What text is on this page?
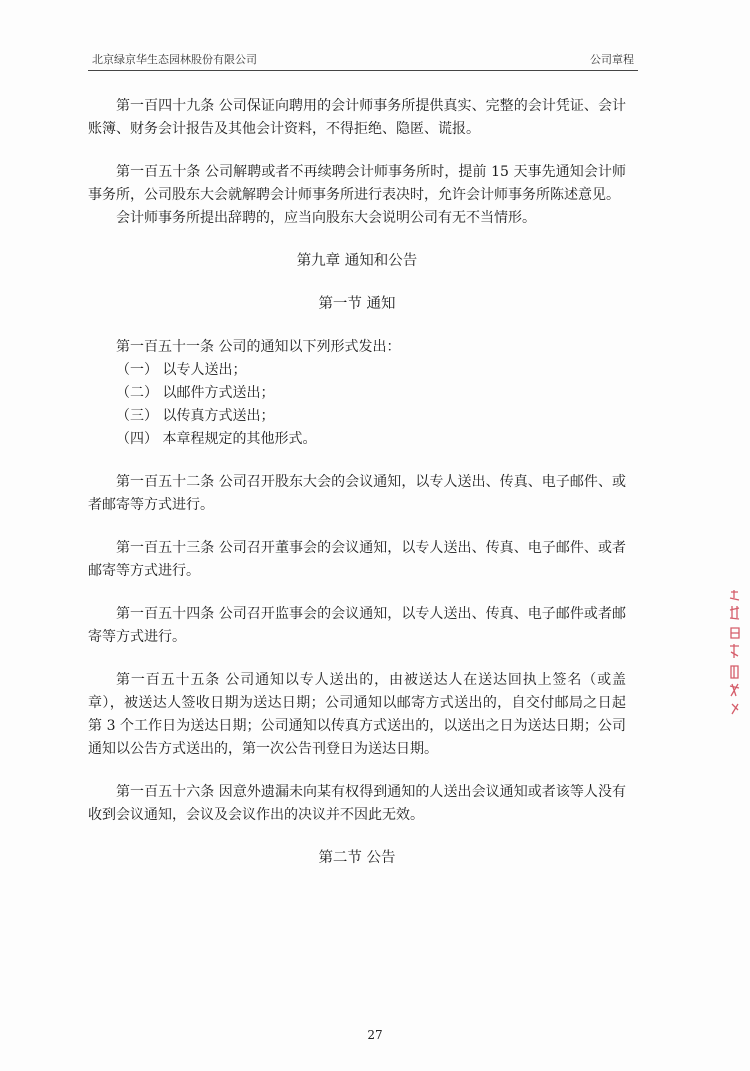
北京绿京华生态园林股份有限公司	公司章程

第一百四十九条 公司保证向聘用的会计师事务所提供真实、完整的会计凭证、会计账簿、财务会计报告及其他会计资料，不得拒绝、隐匿、谎报。

第一百五十条 公司解聘或者不再续聘会计师事务所时，提前 15 天事先通知会计师事务所，公司股东大会就解聘会计师事务所进行表决时，允许会计师事务所陈述意见。

会计师事务所提出辞聘的，应当向股东大会说明公司有无不当情形。

第九章 通知和公告

第一节 通知

第一百五十一条 公司的通知以下列形式发出：

（一） 以专人送出；

（二） 以邮件方式送出；

（三） 以传真方式送出；

（四） 本章程规定的其他形式。

第一百五十二条 公司召开股东大会的会议通知，以专人送出、传真、电子邮件、或者邮寄等方式进行。

第一百五十三条 公司召开董事会的会议通知，以专人送出、传真、电子邮件、或者邮寄等方式进行。

第一百五十四条 公司召开监事会的会议通知，以专人送出、传真、电子邮件或者邮寄等方式进行。

第一百五十五条 公司通知以专人送出的，由被送达人在送达回执上签名（或盖章），被送达人签收日期为送达日期；公司通知以邮寄方式送出的，自交付邮局之日起第 3 个工作日为送达日期；公司通知以传真方式送出的，以送出之日为送达日期；公司通知以公告方式送出的，第一次公告刊登日为送达日期。

第一百五十六条 因意外遗漏未向某有权得到通知的人送出会议通知或者该等人没有收到会议通知，会议及会议作出的决议并不因此无效。

第二节 公告

27
